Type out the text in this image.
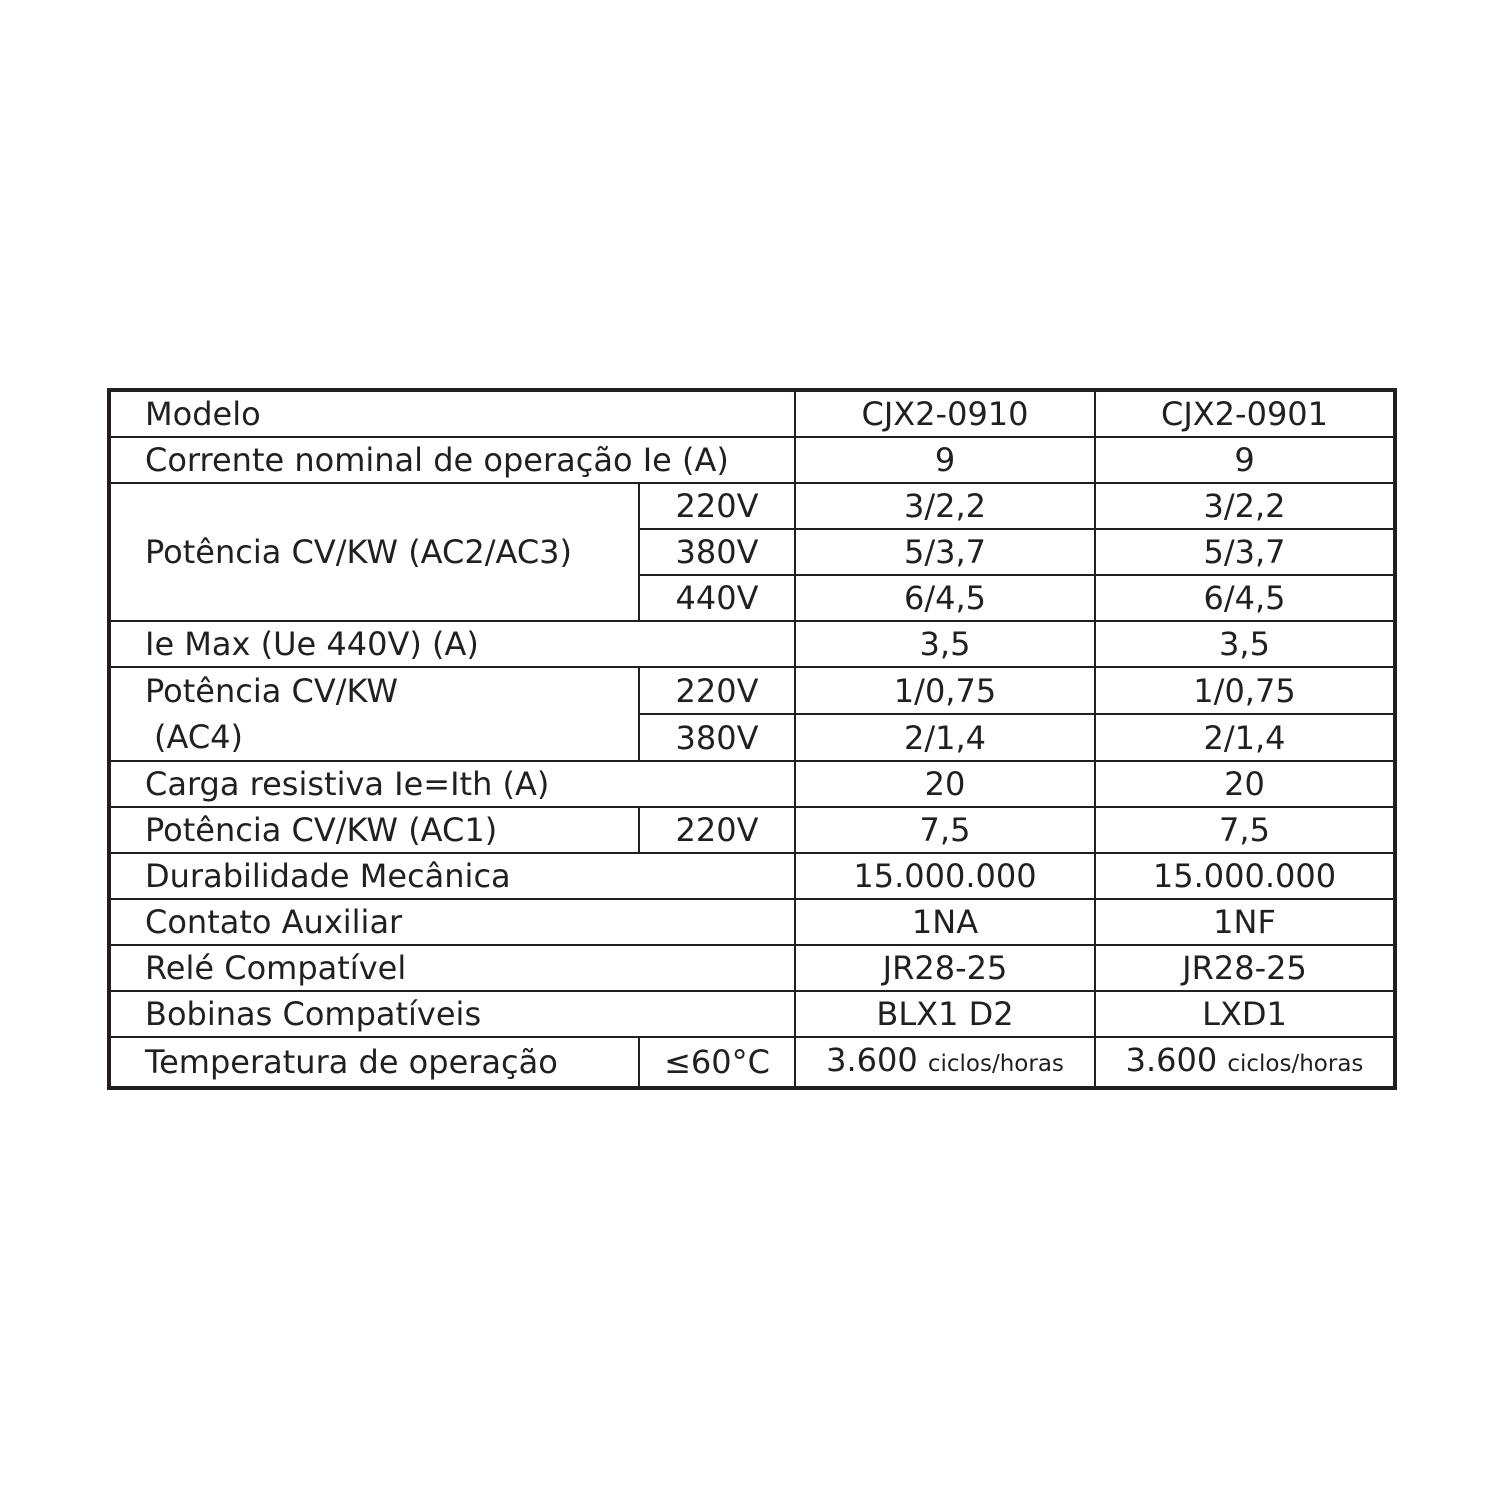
Modelo		CJX2-0910	CJX2-0901
Corrente nominal de operação Ie (A)		9	9
Potência CV/KW (AC2/AC3)	220V	3/2,2	3/2,2
	380V	5/3,7	5/3,7
	440V	6/4,5	6/4,5
Ie Max (Ue 440V) (A)		3,5	3,5
Potência CV/KW
(AC4)	220V	1/0,75	1/0,75
	380V	2/1,4	2/1,4
Carga resistiva Ie=Ith (A)		20	20
Potência CV/KW (AC1)	220V	7,5	7,5
Durabilidade Mecânica		15.000.000	15.000.000
Contato Auxiliar		1NA	1NF
Relé Compatível		JR28-25	JR28-25
Bobinas Compatíveis		BLX1 D2	LXD1
Temperatura de operação	≤60°C	3.600 ciclos/horas	3.600 ciclos/horas
